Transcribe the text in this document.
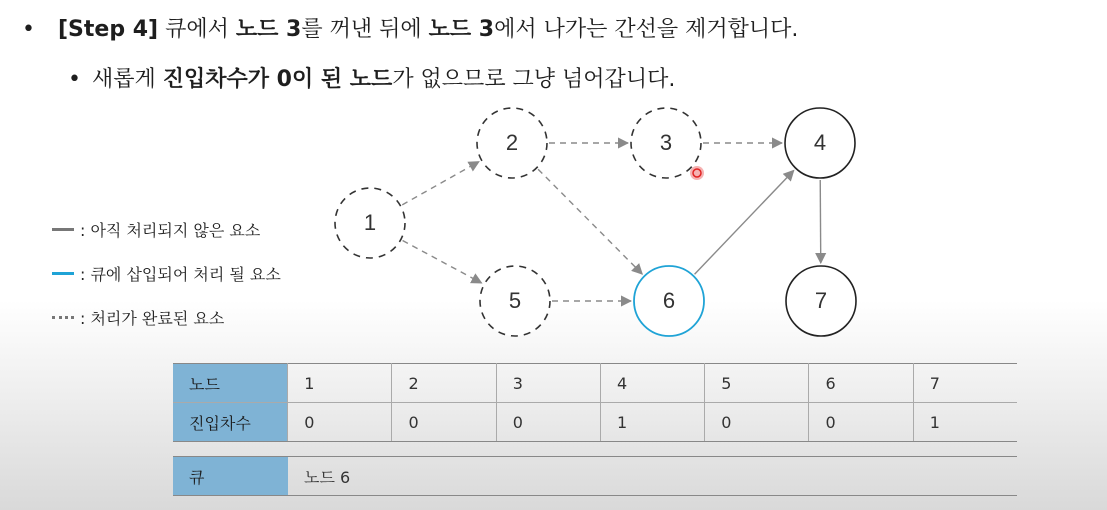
• [Step 4] 큐에서 노드 3를 꺼낸 뒤에 노드 3에서 나가는 간선을 제거합니다.
• 새롭게 진입차수가 0이 된 노드가 없으므로 그냥 넘어갑니다.
1
2	3	4
5	6	7
: 아직 처리되지 않은 요소
: 큐에 삽입되어 처리 될 요소
: 처리가 완료된 요소
노드	1	2	3	4	5	6	7
진입차수	0	0	0	1	0	0	1
큐	노드 6
